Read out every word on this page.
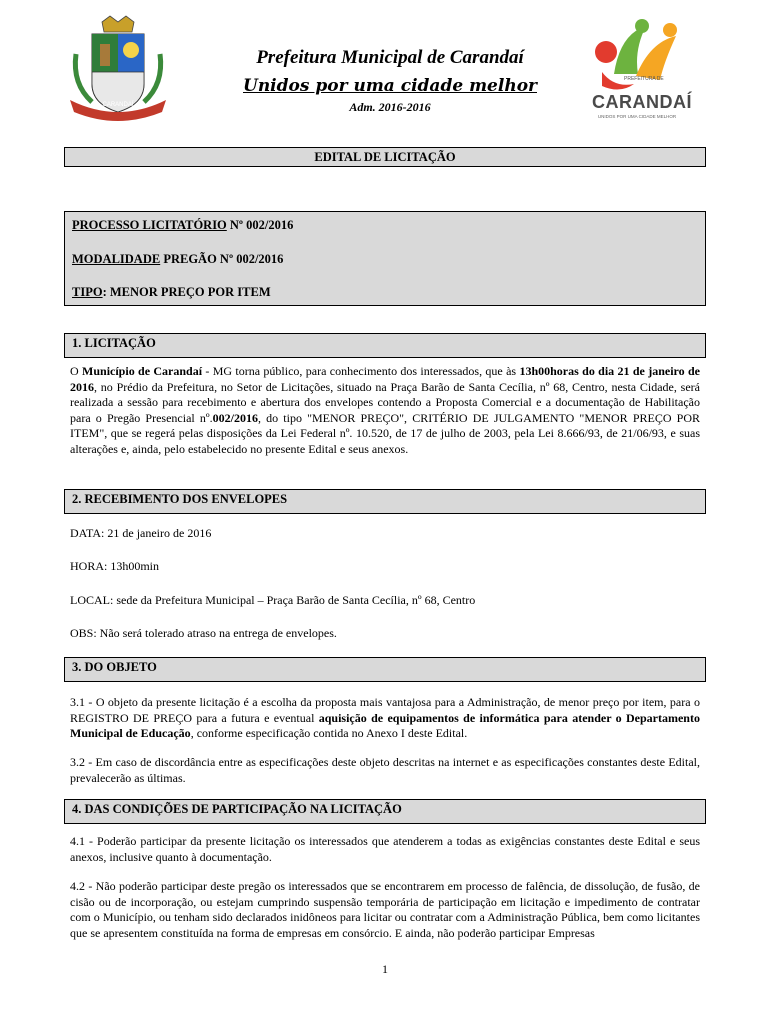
CARANDAÍ
Prefeitura Municipal de Carandaí
Unidos por uma cidade melhor
Adm. 2016-2016
PREFEITURA DE
CARANDAÍ
UNIDOS POR UMA CIDADE MELHOR
EDITAL DE LICITAÇÃO
PROCESSO LICITATÓRIO Nº 002/2016
MODALIDADE PREGÃO Nº 002/2016
TIPO: MENOR PREÇO POR ITEM
1. LICITAÇÃO
O Município de Carandaí - MG torna público, para conhecimento dos interessados, que às 13h00horas do dia 21 de janeiro de 2016, no Prédio da Prefeitura, no Setor de Licitações, situado na Praça Barão de Santa Cecília, nº 68, Centro, nesta Cidade, será realizada a sessão para recebimento e abertura dos envelopes contendo a Proposta Comercial e a documentação de Habilitação para o Pregão Presencial nº.002/2016, do tipo "MENOR PREÇO", CRITÉRIO DE JULGAMENTO "MENOR PREÇO POR ITEM", que se regerá pelas disposições da Lei Federal nº. 10.520, de 17 de julho de 2003, pela Lei 8.666/93, de 21/06/93, e suas alterações e, ainda, pelo estabelecido no presente Edital e seus anexos.
2. RECEBIMENTO DOS ENVELOPES
DATA: 21 de janeiro de 2016
HORA: 13h00min
LOCAL: sede da Prefeitura Municipal – Praça Barão de Santa Cecília, nº 68, Centro
OBS: Não será tolerado atraso na entrega de envelopes.
3. DO OBJETO
3.1 - O objeto da presente licitação é a escolha da proposta mais vantajosa para a Administração, de menor preço por item, para o REGISTRO DE PREÇO para a futura e eventual aquisição de equipamentos de informática para atender o Departamento Municipal de Educação, conforme especificação contida no Anexo I deste Edital.
3.2 - Em caso de discordância entre as especificações deste objeto descritas na internet e as especificações constantes deste Edital, prevalecerão as últimas.
4. DAS CONDIÇÕES DE PARTICIPAÇÃO NA LICITAÇÃO
4.1 - Poderão participar da presente licitação os interessados que atenderem a todas as exigências constantes deste Edital e seus anexos, inclusive quanto à documentação.
4.2 - Não poderão participar deste pregão os interessados que se encontrarem em processo de falência, de dissolução, de fusão, de cisão ou de incorporação, ou estejam cumprindo suspensão temporária de participação em licitação e impedimento de contratar com o Município, ou tenham sido declarados inidôneos para licitar ou contratar com a Administração Pública, bem como licitantes que se apresentem constituída na forma de empresas em consórcio. E ainda, não poderão participar Empresas
1
